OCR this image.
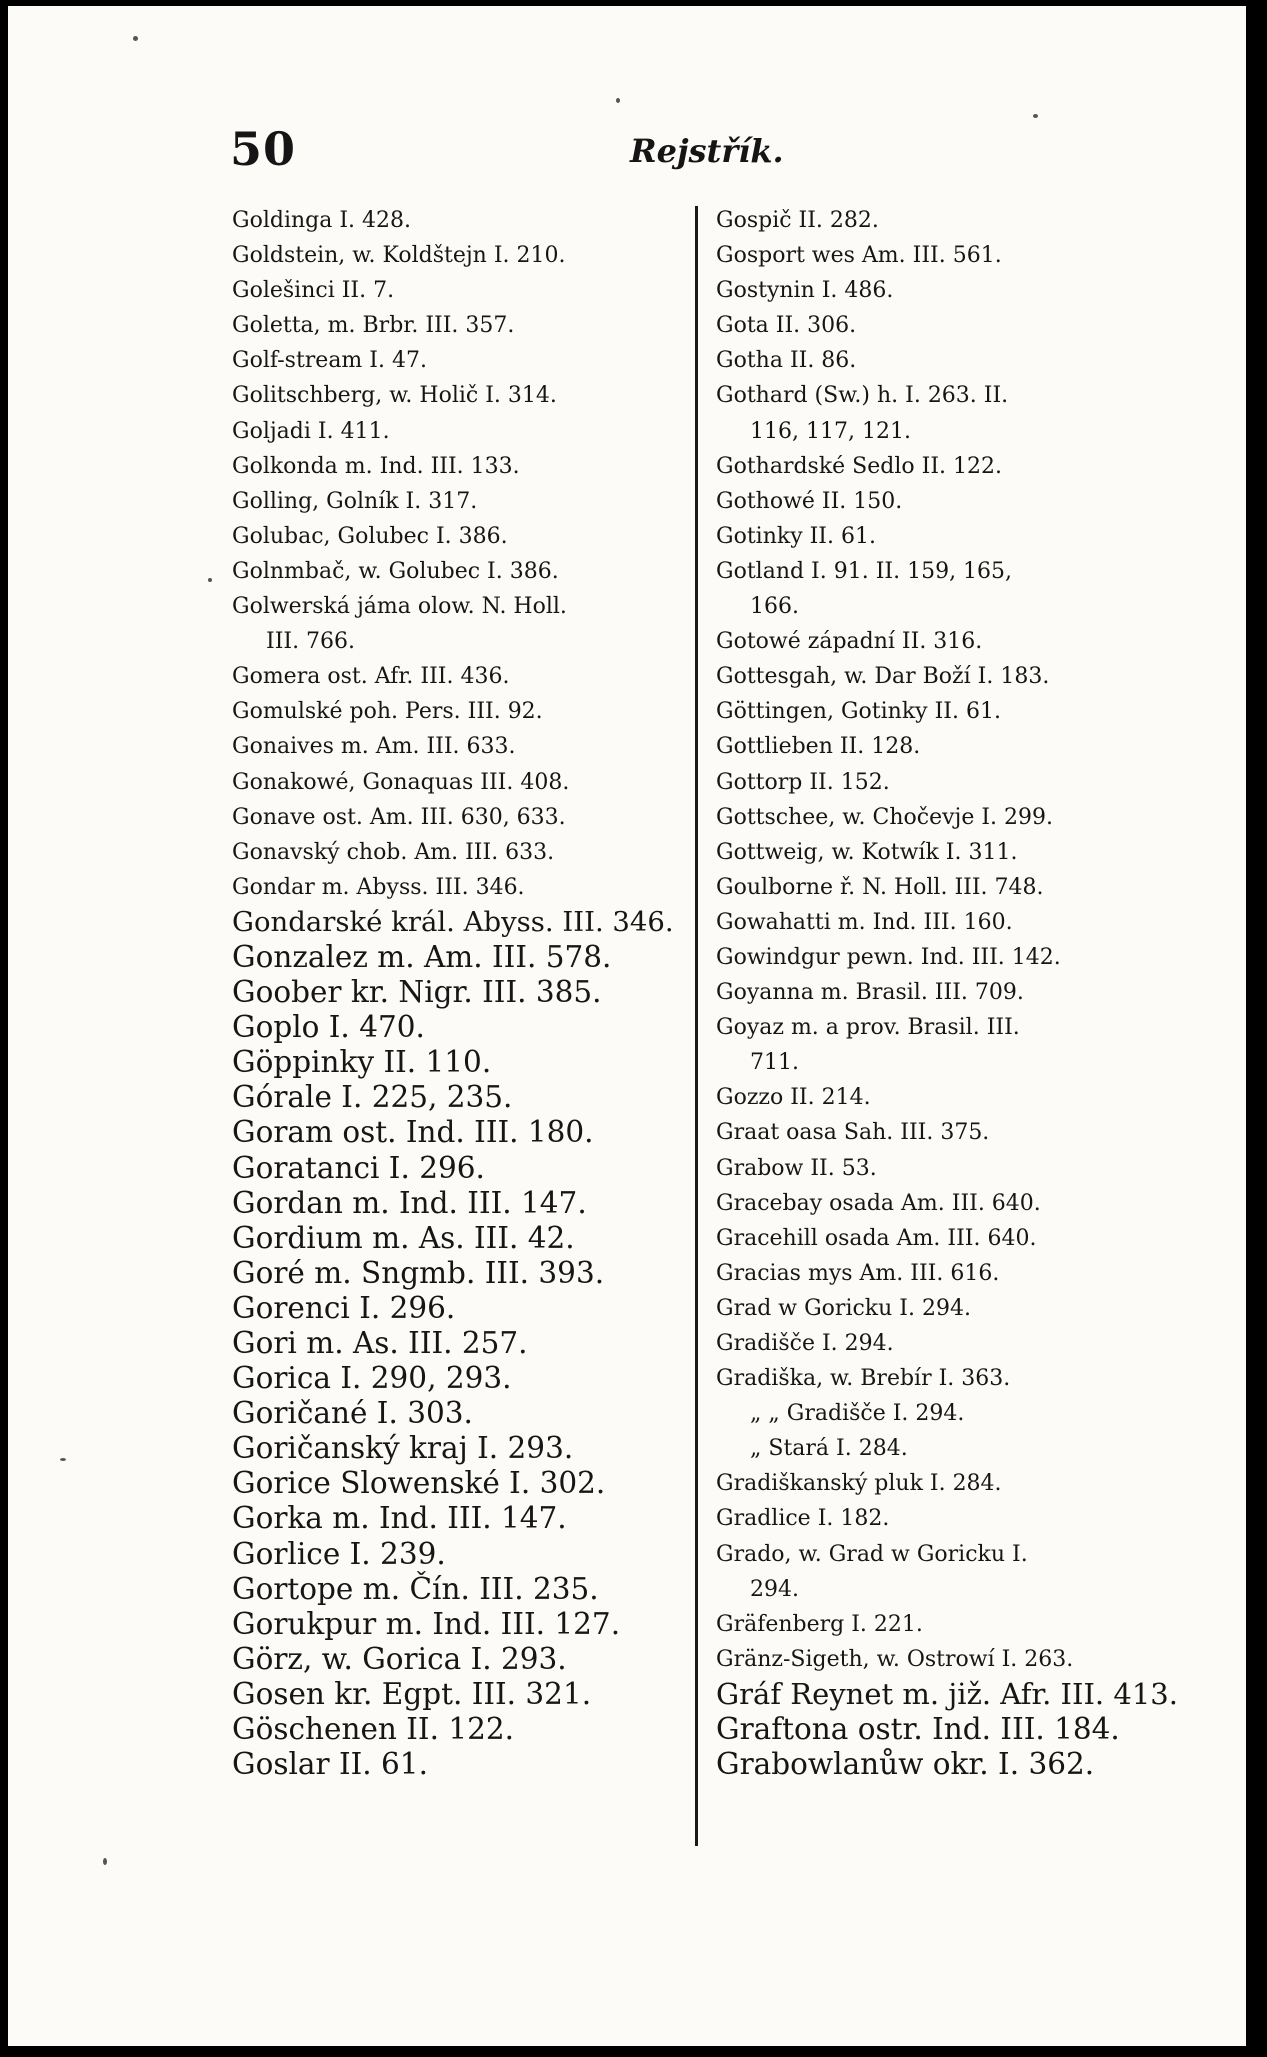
50	Rejstřík.
Goldinga I. 428.
Goldstein, w. Koldštejn I. 210.
Golešinci II. 7.
Goletta, m. Brbr. III. 357.
Golf-stream I. 47.
Golitschberg, w. Holič I. 314.
Goljadi I. 411.
Golkonda m. Ind. III. 133.
Golling, Golník I. 317.
Golubac, Golubec I. 386.
Golnmbač, w. Golubec I. 386.
Golwerská jáma olow. N. Holl.
III. 766.
Gomera ost. Afr. III. 436.
Gomulské poh. Pers. III. 92.
Gonaives m. Am. III. 633.
Gonakowé, Gonaquas III. 408.
Gonave ost. Am. III. 630, 633.
Gonavský chob. Am. III. 633.
Gondar m. Abyss. III. 346.
Gondarské král. Abyss. III. 346.
Gonzalez m. Am. III. 578.
Goober kr. Nigr. III. 385.
Goplo I. 470.
Göppinky II. 110.
Górale I. 225, 235.
Goram ost. Ind. III. 180.
Goratanci I. 296.
Gordan m. Ind. III. 147.
Gordium m. As. III. 42.
Goré m. Sngmb. III. 393.
Gorenci I. 296.
Gori m. As. III. 257.
Gorica I. 290, 293.
Goričané I. 303.
Goričanský kraj I. 293.
Gorice Slowenské I. 302.
Gorka m. Ind. III. 147.
Gorlice I. 239.
Gortope m. Čín. III. 235.
Gorukpur m. Ind. III. 127.
Görz, w. Gorica I. 293.
Gosen kr. Egpt. III. 321.
Göschenen II. 122.
Goslar II. 61.
Gospič II. 282.
Gosport wes Am. III. 561.
Gostynin I. 486.
Gota II. 306.
Gotha II. 86.
Gothard (Sw.) h. I. 263. II.
116, 117, 121.
Gothardské Sedlo II. 122.
Gothowé II. 150.
Gotinky II. 61.
Gotland I. 91. II. 159, 165,
166.
Gotowé západní II. 316.
Gottesgah, w. Dar Boží I. 183.
Göttingen, Gotinky II. 61.
Gottlieben II. 128.
Gottorp II. 152.
Gottschee, w. Chočevje I. 299.
Gottweig, w. Kotwík I. 311.
Goulborne ř. N. Holl. III. 748.
Gowahatti m. Ind. III. 160.
Gowindgur pewn. Ind. III. 142.
Goyanna m. Brasil. III. 709.
Goyaz m. a prov. Brasil. III.
711.
Gozzo II. 214.
Graat oasa Sah. III. 375.
Grabow II. 53.
Gracebay osada Am. III. 640.
Gracehill osada Am. III. 640.
Gracias mys Am. III. 616.
Grad w Goricku I. 294.
Gradišče I. 294.
Gradiška, w. Brebír I. 363.
„ „ Gradišče I. 294.
„ Stará I. 284.
Gradiškanský pluk I. 284.
Gradlice I. 182.
Grado, w. Grad w Goricku I.
294.
Gräfenberg I. 221.
Gränz-Sigeth, w. Ostrowí I. 263.
Gráf Reynet m. již. Afr. III. 413.
Graftona ostr. Ind. III. 184.
Grabowlanůw okr. I. 362.
